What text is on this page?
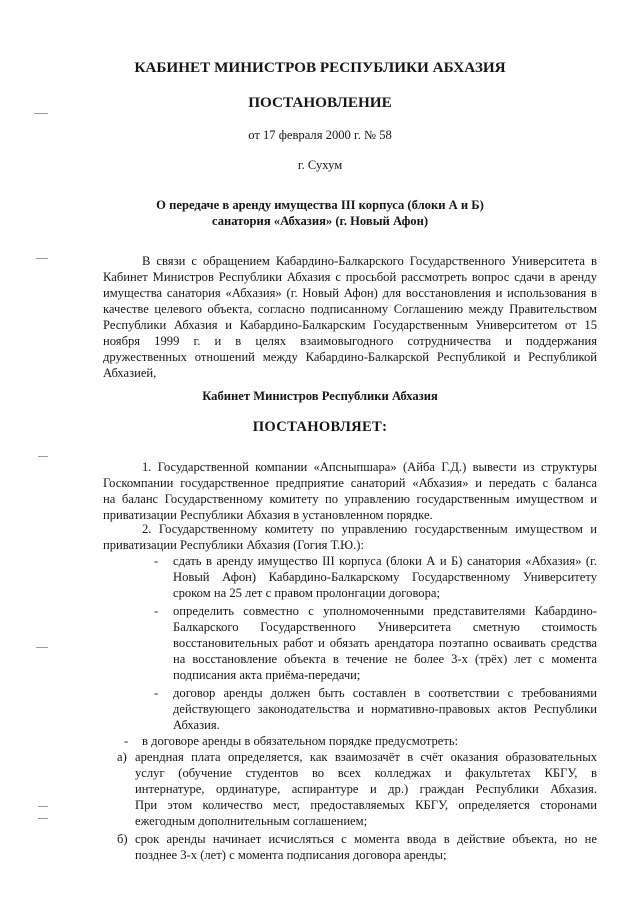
КАБИНЕТ МИНИСТРОВ РЕСПУБЛИКИ АБХАЗИЯ
ПОСТАНОВЛЕНИЕ
от 17 февраля 2000 г. № 58
г. Сухум
О передаче в аренду имущества III корпуса (блоки А и Б)
санатория «Абхазия» (г. Новый Афон)
В связи с обращением Кабардино-Балкарского Государственного Университета в
Кабинет Министров Республики Абхазия с просьбой рассмотреть вопрос сдачи в аренду
имущества санатория «Абхазия» (г. Новый Афон) для восстановления и использования в
качестве целевого объекта, согласно подписанному Соглашению между Правительством
Республики Абхазия и Кабардино-Балкарским Государственным Университетом от 15
ноября 1999 г. и в целях взаимовыгодного сотрудничества и поддержания
дружественных отношений между Кабардино-Балкарской Республикой и Республикой
Абхазией,
Кабинет Министров Республики Абхазия
ПОСТАНОВЛЯЕТ:
1. Государственной компании «Апсныпшара» (Айба Г.Д.) вывести из структуры
Госкомпании государственное предприятие санаторий «Абхазия» и передать с баланса
на баланс Государственному комитету по управлению государственным имуществом и
приватизации Республики Абхазия в установленном порядке.
2. Государственному комитету по управлению государственным имуществом и
приватизации Республики Абхазия (Гогия Т.Ю.):
- сдать в аренду имущество III корпуса (блоки А и Б) санатория «Абхазия» (г.
Новый Афон) Кабардино-Балкарскому Государственному Университету
сроком на 25 лет с правом пролонгации договора;
- определить совместно с уполномоченными представителями Кабардино-
Балкарского Государственного Университета сметную стоимость
восстановительных работ и обязать арендатора поэтапно осваивать средства
на восстановление объекта в течение не более 3-х (трёх) лет с момента
подписания акта приёма-передачи;
- договор аренды должен быть составлен в соответствии с требованиями
действующего законодательства и нормативно-правовых актов Республики
Абхазия.
- в договоре аренды в обязательном порядке предусмотреть:
а) арендная плата определяется, как взаимозачёт в счёт оказания образовательных
услуг (обучение студентов во всех колледжах и факультетах КБГУ, в
интернатуре, ординатуре, аспирантуре и др.) граждан Республики Абхазия.
При этом количество мест, предоставляемых КБГУ, определяется сторонами
ежегодным дополнительным соглашением;
б) срок аренды начинает исчисляться с момента ввода в действие объекта, но не
позднее 3-х (лет) с момента подписания договора аренды;
